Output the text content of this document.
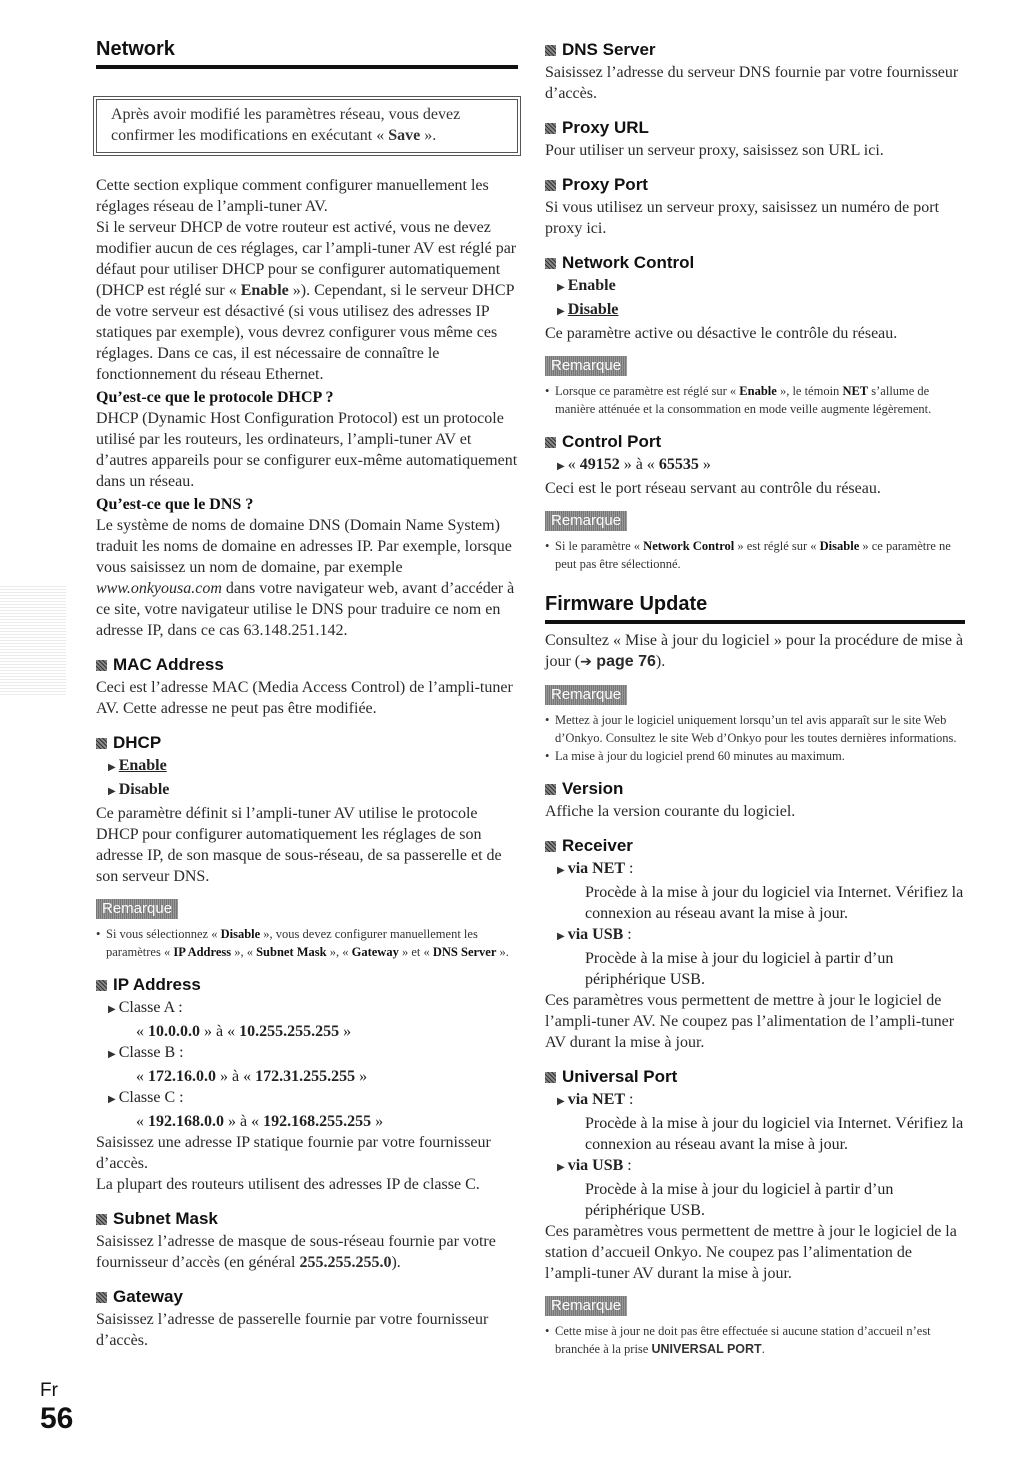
Network
Après avoir modifié les paramètres réseau, vous devez
confirmer les modifications en exécutant « Save ».

Cette section explique comment configurer manuellement les réglages réseau de l’ampli-tuner AV.

Si le serveur DHCP de votre routeur est activé, vous ne devez modifier aucun de ces réglages, car l’ampli-tuner AV est réglé par défaut pour utiliser DHCP pour se configurer automatiquement (DHCP est réglé sur « Enable »). Cependant, si le serveur DHCP de votre serveur est désactivé (si vous utilisez des adresses IP statiques par exemple), vous devrez configurer vous même ces réglages. Dans ce cas, il est nécessaire de connaître le fonctionnement du réseau Ethernet.

Qu’est-ce que le protocole DHCP ?

DHCP (Dynamic Host Configuration Protocol) est un protocole utilisé par les routeurs, les ordinateurs, l’ampli-tuner AV et d’autres appareils pour se configurer eux-même automatiquement dans un réseau.

Qu’est-ce que le DNS ?

Le système de noms de domaine DNS (Domain Name System) traduit les noms de domaine en adresses IP. Par exemple, lorsque vous saisissez un nom de domaine, par exemple www.onkyousa.com dans votre navigateur web, avant d’accéder à ce site, votre navigateur utilise le DNS pour traduire ce nom en adresse IP, dans ce cas 63.148.251.142.

MAC Address

Ceci est l’adresse MAC (Media Access Control) de l’ampli-tuner AV. Cette adresse ne peut pas être modifiée.

DHCP
▶ Enable
▶ Disable

Ce paramètre définit si l’ampli-tuner AV utilise le protocole DHCP pour configurer automatiquement les réglages de son adresse IP, de son masque de sous-réseau, de sa passerelle et de son serveur DNS.

Remarque
• Si vous sélectionnez « Disable », vous devez configurer manuellement les paramètres « IP Address », « Subnet Mask », « Gateway » et « DNS Server ».
IP Address
▶ Classe A :
« 10.0.0.0 » à « 10.255.255.255 »
▶ Classe B :
« 172.16.0.0 » à « 172.31.255.255 »
▶ Classe C :
« 192.168.0.0 » à « 192.168.255.255 »

Saisissez une adresse IP statique fournie par votre fournisseur d’accès.

La plupart des routeurs utilisent des adresses IP de classe C.

Subnet Mask

Saisissez l’adresse de masque de sous-réseau fournie par votre fournisseur d’accès (en général 255.255.255.0).

Gateway

Saisissez l’adresse de passerelle fournie par votre fournisseur d’accès.

DNS Server

Saisissez l’adresse du serveur DNS fournie par votre fournisseur d’accès.

Proxy URL

Pour utiliser un serveur proxy, saisissez son URL ici.

Proxy Port

Si vous utilisez un serveur proxy, saisissez un numéro de port proxy ici.

Network Control
▶ Enable
▶ Disable

Ce paramètre active ou désactive le contrôle du réseau.

Remarque
• Lorsque ce paramètre est réglé sur « Enable », le témoin NET s’allume de manière atténuée et la consommation en mode veille augmente légèrement.
Control Port
▶ « 49152 » à « 65535 »

Ceci est le port réseau servant au contrôle du réseau.

Remarque
• Si le paramètre « Network Control » est réglé sur « Disable » ce paramètre ne peut pas être sélectionné.
Firmware Update

Consultez « Mise à jour du logiciel » pour la procédure de mise à jour (➔ page 76).

Remarque
• Mettez à jour le logiciel uniquement lorsqu’un tel avis apparaît sur le site Web d’Onkyo. Consultez le site Web d’Onkyo pour les toutes dernières informations.
• La mise à jour du logiciel prend 60 minutes au maximum.
Version

Affiche la version courante du logiciel.

Receiver
▶ via NET :
Procède à la mise à jour du logiciel via Internet. Vérifiez la connexion au réseau avant la mise à jour.
▶ via USB :
Procède à la mise à jour du logiciel à partir d’un périphérique USB.

Ces paramètres vous permettent de mettre à jour le logiciel de l’ampli-tuner AV. Ne coupez pas l’alimentation de l’ampli-tuner AV durant la mise à jour.

Universal Port
▶ via NET :
Procède à la mise à jour du logiciel via Internet. Vérifiez la connexion au réseau avant la mise à jour.
▶ via USB :
Procède à la mise à jour du logiciel à partir d’un périphérique USB.

Ces paramètres vous permettent de mettre à jour le logiciel de la station d’accueil Onkyo. Ne coupez pas l’alimentation de l’ampli-tuner AV durant la mise à jour.

Remarque
• Cette mise à jour ne doit pas être effectuée si aucune station d’accueil n’est branchée à la prise UNIVERSAL PORT.
Fr
56
